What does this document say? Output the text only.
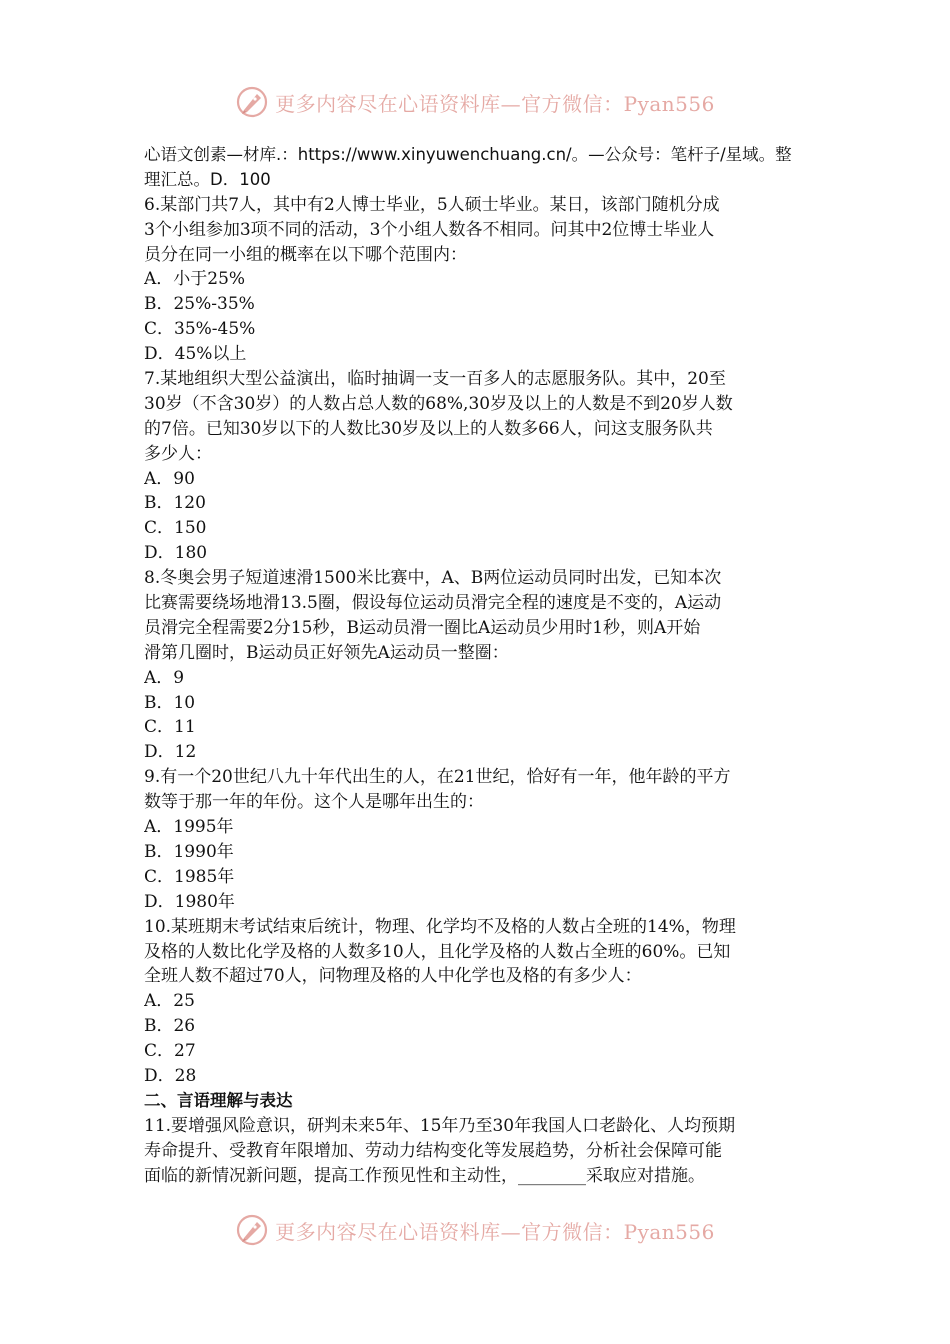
更多内容尽在心语资料库—官方微信：Pyan556
心语文创素—材库.：https://www.xinyuwenchuang.cn/。—公众号：笔杆子/星域。整
理汇总。D．100
6.某部门共7人，其中有2人博士毕业，5人硕士毕业。某日，该部门随机分成
3个小组参加3项不同的活动，3个小组人数各不相同。问其中2位博士毕业人
员分在同一小组的概率在以下哪个范围内：
A．小于25%
B．25%-35%
C．35%-45%
D．45%以上
7.某地组织大型公益演出，临时抽调一支一百多人的志愿服务队。其中，20至
30岁（不含30岁）的人数占总人数的68%,30岁及以上的人数是不到20岁人数
的7倍。已知30岁以下的人数比30岁及以上的人数多66人，问这支服务队共
多少人：
A．90
B．120
C．150
D．180
8.冬奥会男子短道速滑1500米比赛中，A、B两位运动员同时出发，已知本次
比赛需要绕场地滑13.5圈，假设每位运动员滑完全程的速度是不变的，A运动
员滑完全程需要2分15秒，B运动员滑一圈比A运动员少用时1秒，则A开始
滑第几圈时，B运动员正好领先A运动员一整圈：
A．9
B．10
C．11
D．12
9.有一个20世纪八九十年代出生的人，在21世纪，恰好有一年，他年龄的平方
数等于那一年的年份。这个人是哪年出生的：
A．1995年
B．1990年
C．1985年
D．1980年
10.某班期末考试结束后统计，物理、化学均不及格的人数占全班的14%，物理
及格的人数比化学及格的人数多10人，且化学及格的人数占全班的60%。已知
全班人数不超过70人，问物理及格的人中化学也及格的有多少人：
A．25
B．26
C．27
D．28
二、言语理解与表达
11.要增强风险意识，研判未来5年、15年乃至30年我国人口老龄化、人均预期
寿命提升、受教育年限增加、劳动力结构变化等发展趋势，分析社会保障可能
面临的新情况新问题，提高工作预见性和主动性，________采取应对措施。
更多内容尽在心语资料库—官方微信：Pyan556
